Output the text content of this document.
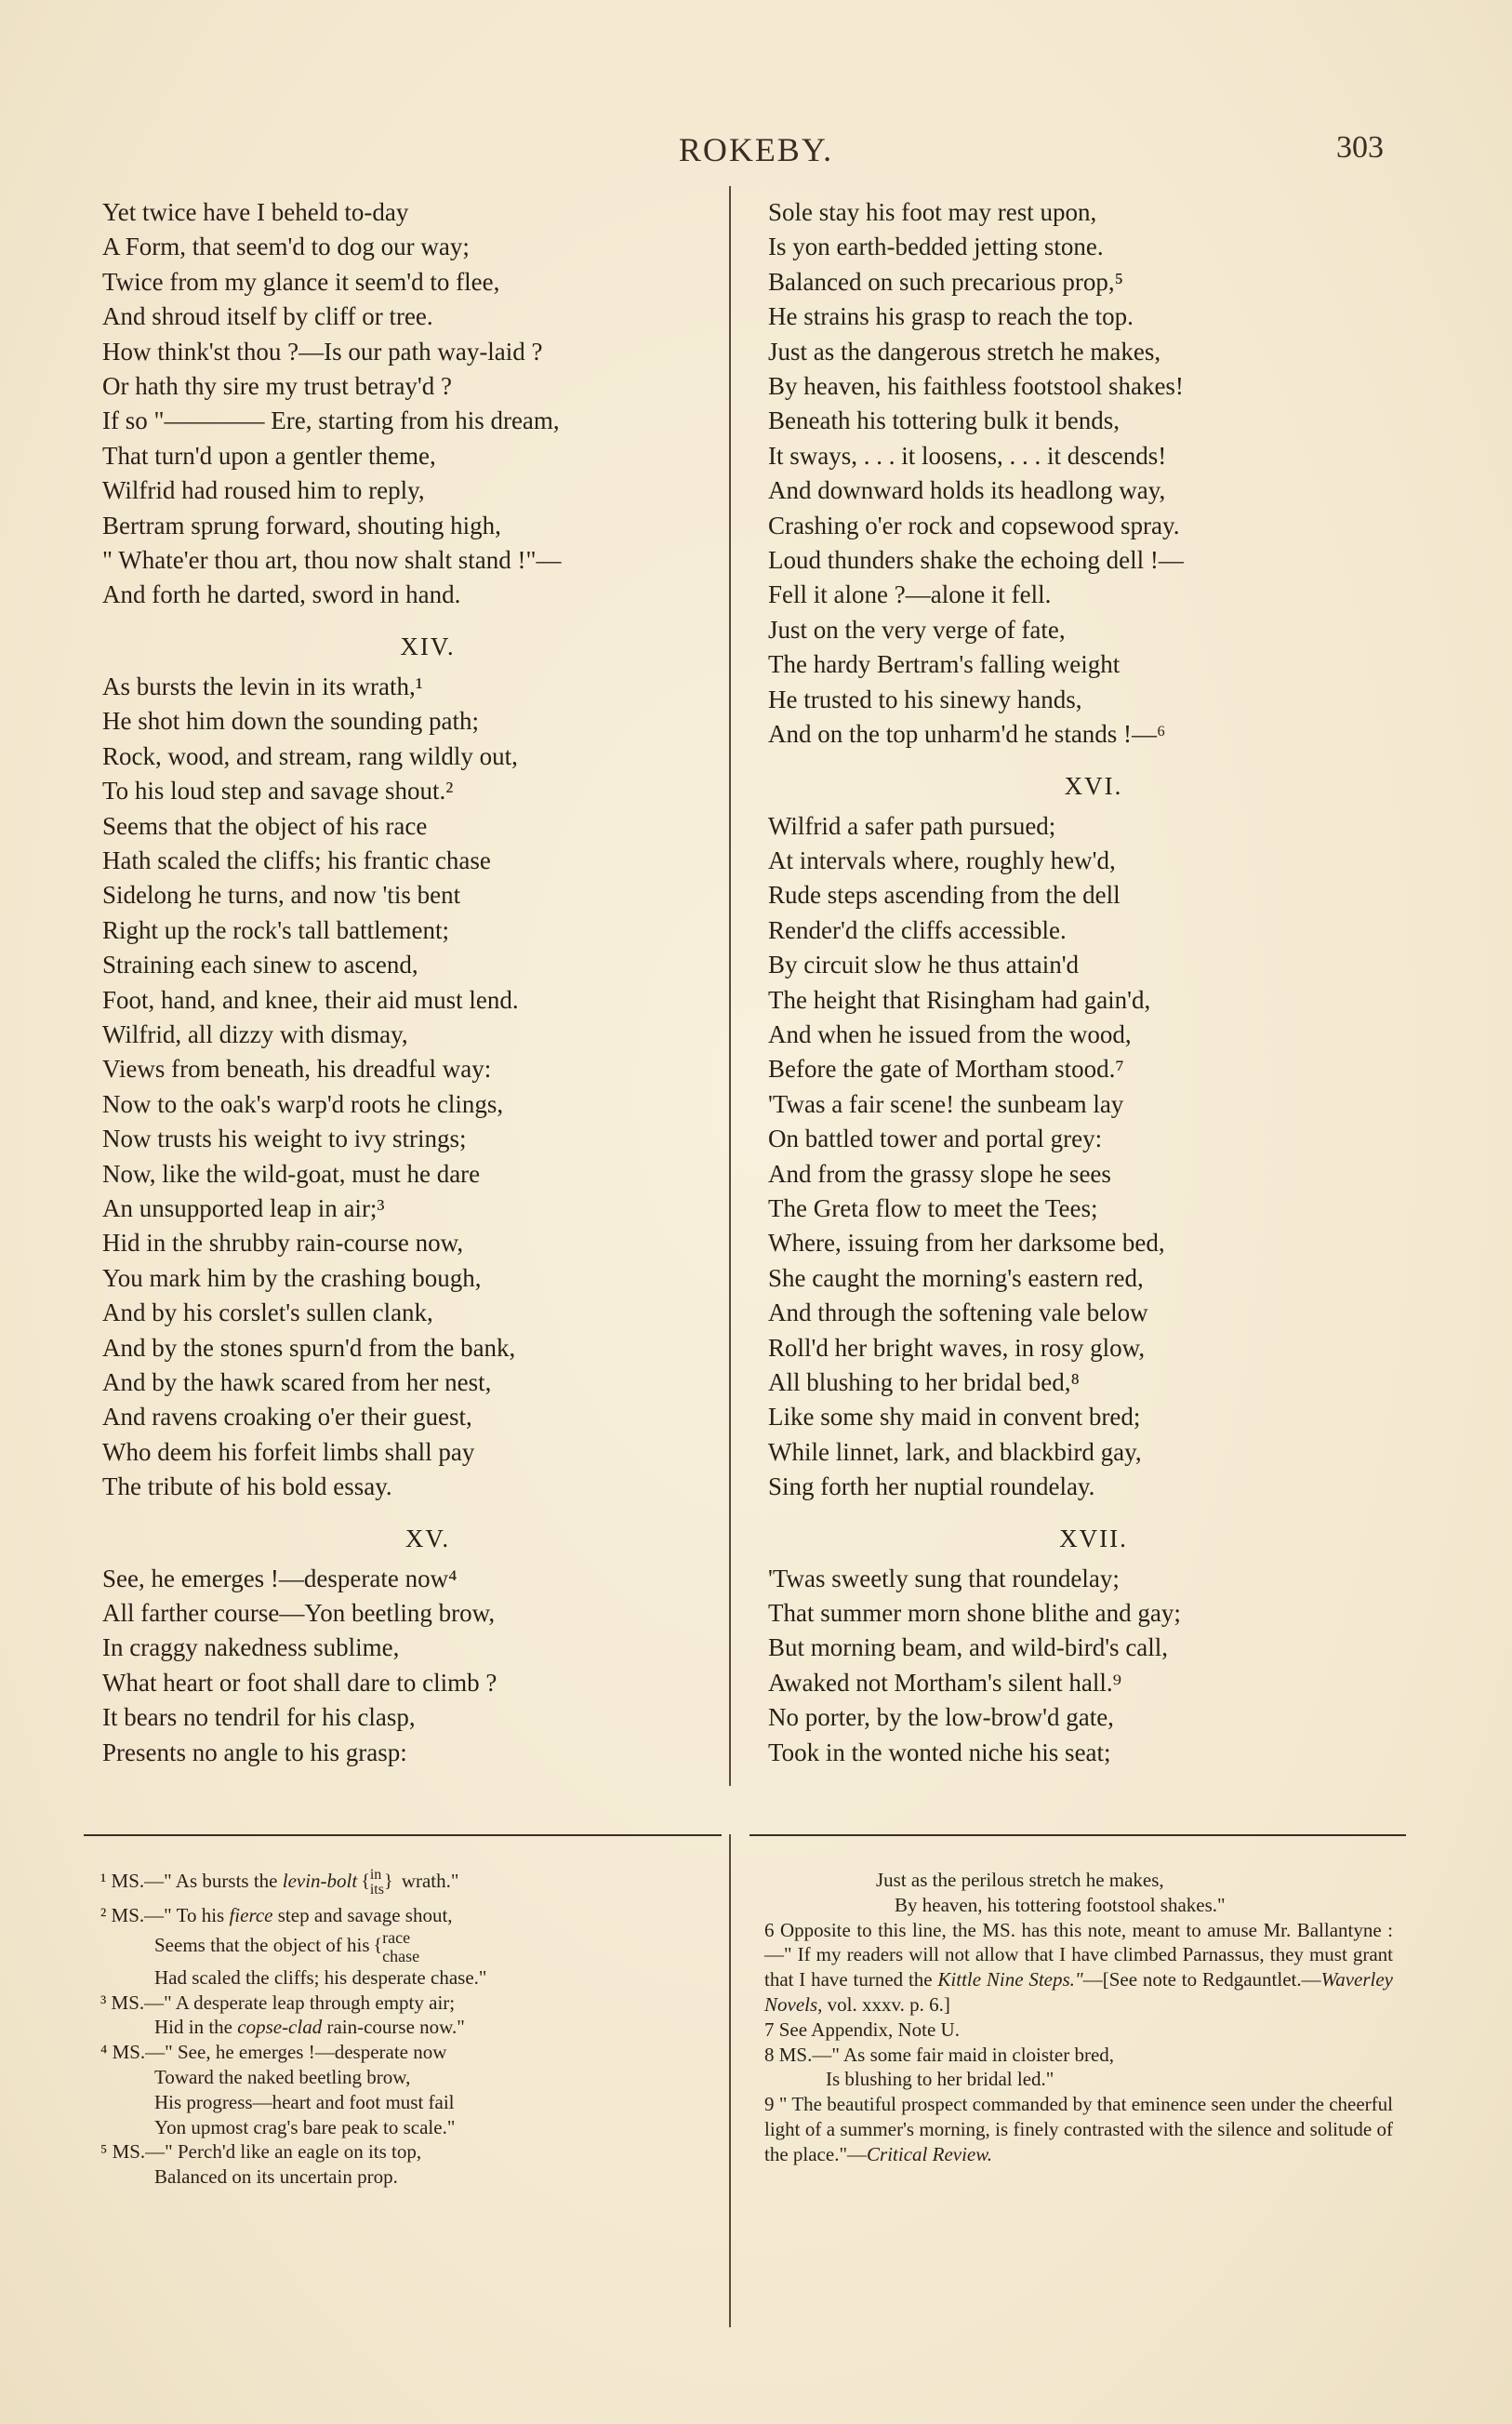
ROKEBY.	303
Yet twice have I beheld to-day
A Form, that seem'd to dog our way;
Twice from my glance it seem'd to flee,
And shroud itself by cliff or tree.
How think'st thou ?—Is our path way-laid ?
Or hath thy sire my trust betray'd ?
If so "———— Ere, starting from his dream,
That turn'd upon a gentler theme,
Wilfrid had roused him to reply,
Bertram sprung forward, shouting high,
" Whate'er thou art, thou now shalt stand !"—
And forth he darted, sword in hand.
XIV.
As bursts the levin in its wrath,¹
He shot him down the sounding path;
Rock, wood, and stream, rang wildly out,
To his loud step and savage shout.²
Seems that the object of his race
Hath scaled the cliffs; his frantic chase
Sidelong he turns, and now 'tis bent
Right up the rock's tall battlement;
Straining each sinew to ascend,
Foot, hand, and knee, their aid must lend.
Wilfrid, all dizzy with dismay,
Views from beneath, his dreadful way:
Now to the oak's warp'd roots he clings,
Now trusts his weight to ivy strings;
Now, like the wild-goat, must he dare
An unsupported leap in air;³
Hid in the shrubby rain-course now,
You mark him by the crashing bough,
And by his corslet's sullen clank,
And by the stones spurn'd from the bank,
And by the hawk scared from her nest,
And ravens croaking o'er their guest,
Who deem his forfeit limbs shall pay
The tribute of his bold essay.
XV.
See, he emerges !—desperate now⁴
All farther course—Yon beetling brow,
In craggy nakedness sublime,
What heart or foot shall dare to climb ?
It bears no tendril for his clasp,
Presents no angle to his grasp:
Sole stay his foot may rest upon,
Is yon earth-bedded jetting stone.
Balanced on such precarious prop,⁵
He strains his grasp to reach the top.
Just as the dangerous stretch he makes,
By heaven, his faithless footstool shakes!
Beneath his tottering bulk it bends,
It sways, . . . it loosens, . . . it descends!
And downward holds its headlong way,
Crashing o'er rock and copsewood spray.
Loud thunders shake the echoing dell !—
Fell it alone ?—alone it fell.
Just on the very verge of fate,
The hardy Bertram's falling weight
He trusted to his sinewy hands,
And on the top unharm'd he stands !—⁶
XVI.
Wilfrid a safer path pursued;
At intervals where, roughly hew'd,
Rude steps ascending from the dell
Render'd the cliffs accessible.
By circuit slow he thus attain'd
The height that Risingham had gain'd,
And when he issued from the wood,
Before the gate of Mortham stood.⁷
'Twas a fair scene! the sunbeam lay
On battled tower and portal grey:
And from the grassy slope he sees
The Greta flow to meet the Tees;
Where, issuing from her darksome bed,
She caught the morning's eastern red,
And through the softening vale below
Roll'd her bright waves, in rosy glow,
All blushing to her bridal bed,⁸
Like some shy maid in convent bred;
While linnet, lark, and blackbird gay,
Sing forth her nuptial roundelay.
XVII.
'Twas sweetly sung that roundelay;
That summer morn shone blithe and gay;
But morning beam, and wild-bird's call,
Awaked not Mortham's silent hall.⁹
No porter, by the low-brow'd gate,
Took in the wonted niche his seat;
¹ MS.—" As bursts the levin-bolt {in
its} wrath."
² MS.—" To his fierce step and savage shout,
Seems that the object of his {race
chase
Had scaled the cliffs; his desperate chase."
³ MS.—" A desperate leap through empty air;
Hid in the copse-clad rain-course now."
⁴ MS.—" See, he emerges !—desperate now
Toward the naked beetling brow,
His progress—heart and foot must fail
Yon upmost crag's bare peak to scale."
⁵ MS.—" Perch'd like an eagle on its top,
Balanced on its uncertain prop.
Just as the perilous stretch he makes,
By heaven, his tottering footstool shakes."
6 Opposite to this line, the MS. has this note, meant to amuse Mr. Ballantyne :—" If my readers will not allow that I have climbed Parnassus, they must grant that I have turned the Kittle Nine Steps."—[See note to Redgauntlet.—Waverley Novels, vol. xxxv. p. 6.]
7 See Appendix, Note U.
8 MS.—" As some fair maid in cloister bred,
Is blushing to her bridal led."
9 " The beautiful prospect commanded by that eminence seen under the cheerful light of a summer's morning, is finely contrasted with the silence and solitude of the place."—Critical Review.
